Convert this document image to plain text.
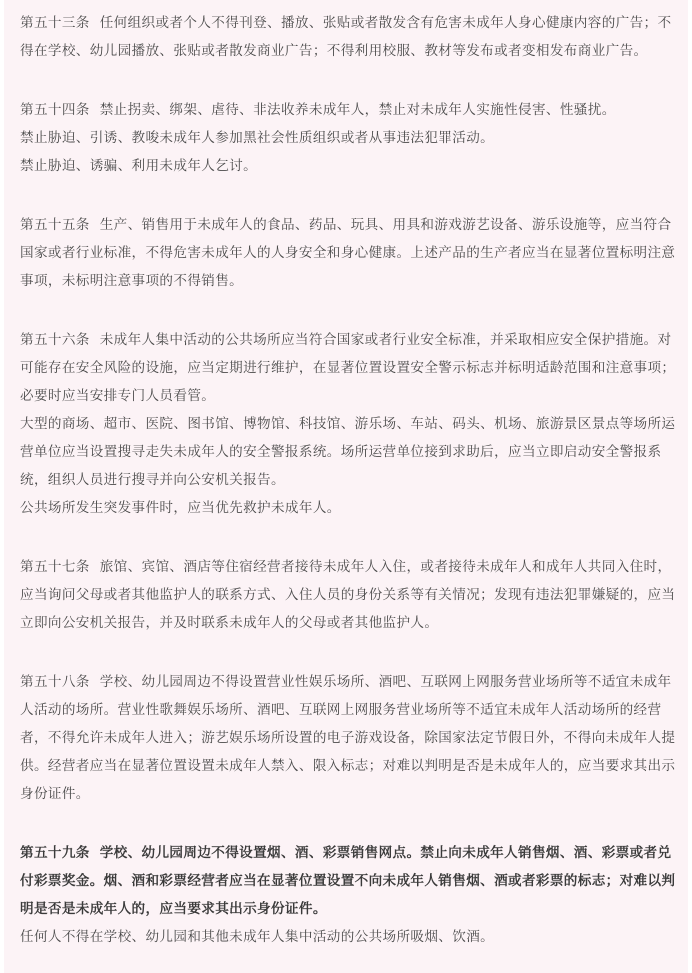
第五十三条 任何组织或者个人不得刊登、播放、张贴或者散发含有危害未成年人身心健康内容的广告；不得在学校、幼儿园播放、张贴或者散发商业广告；不得利用校服、教材等发布或者变相发布商业广告。

第五十四条 禁止拐卖、绑架、虐待、非法收养未成年人，禁止对未成年人实施性侵害、性骚扰。

禁止胁迫、引诱、教唆未成年人参加黑社会性质组织或者从事违法犯罪活动。

禁止胁迫、诱骗、利用未成年人乞讨。

第五十五条 生产、销售用于未成年人的食品、药品、玩具、用具和游戏游艺设备、游乐设施等，应当符合国家或者行业标准，不得危害未成年人的人身安全和身心健康。上述产品的生产者应当在显著位置标明注意事项，未标明注意事项的不得销售。

第五十六条 未成年人集中活动的公共场所应当符合国家或者行业安全标准，并采取相应安全保护措施。对可能存在安全风险的设施，应当定期进行维护，在显著位置设置安全警示标志并标明适龄范围和注意事项；必要时应当安排专门人员看管。

大型的商场、超市、医院、图书馆、博物馆、科技馆、游乐场、车站、码头、机场、旅游景区景点等场所运营单位应当设置搜寻走失未成年人的安全警报系统。场所运营单位接到求助后，应当立即启动安全警报系统，组织人员进行搜寻并向公安机关报告。

公共场所发生突发事件时，应当优先救护未成年人。

第五十七条 旅馆、宾馆、酒店等住宿经营者接待未成年人入住，或者接待未成年人和成年人共同入住时，应当询问父母或者其他监护人的联系方式、入住人员的身份关系等有关情况；发现有违法犯罪嫌疑的，应当立即向公安机关报告，并及时联系未成年人的父母或者其他监护人。

第五十八条 学校、幼儿园周边不得设置营业性娱乐场所、酒吧、互联网上网服务营业场所等不适宜未成年人活动的场所。营业性歌舞娱乐场所、酒吧、互联网上网服务营业场所等不适宜未成年人活动场所的经营者，不得允许未成年人进入；游艺娱乐场所设置的电子游戏设备，除国家法定节假日外，不得向未成年人提供。经营者应当在显著位置设置未成年人禁入、限入标志；对难以判明是否是未成年人的，应当要求其出示身份证件。

第五十九条 学校、幼儿园周边不得设置烟、酒、彩票销售网点。禁止向未成年人销售烟、酒、彩票或者兑付彩票奖金。烟、酒和彩票经营者应当在显著位置设置不向未成年人销售烟、酒或者彩票的标志；对难以判明是否是未成年人的，应当要求其出示身份证件。

任何人不得在学校、幼儿园和其他未成年人集中活动的公共场所吸烟、饮酒。
